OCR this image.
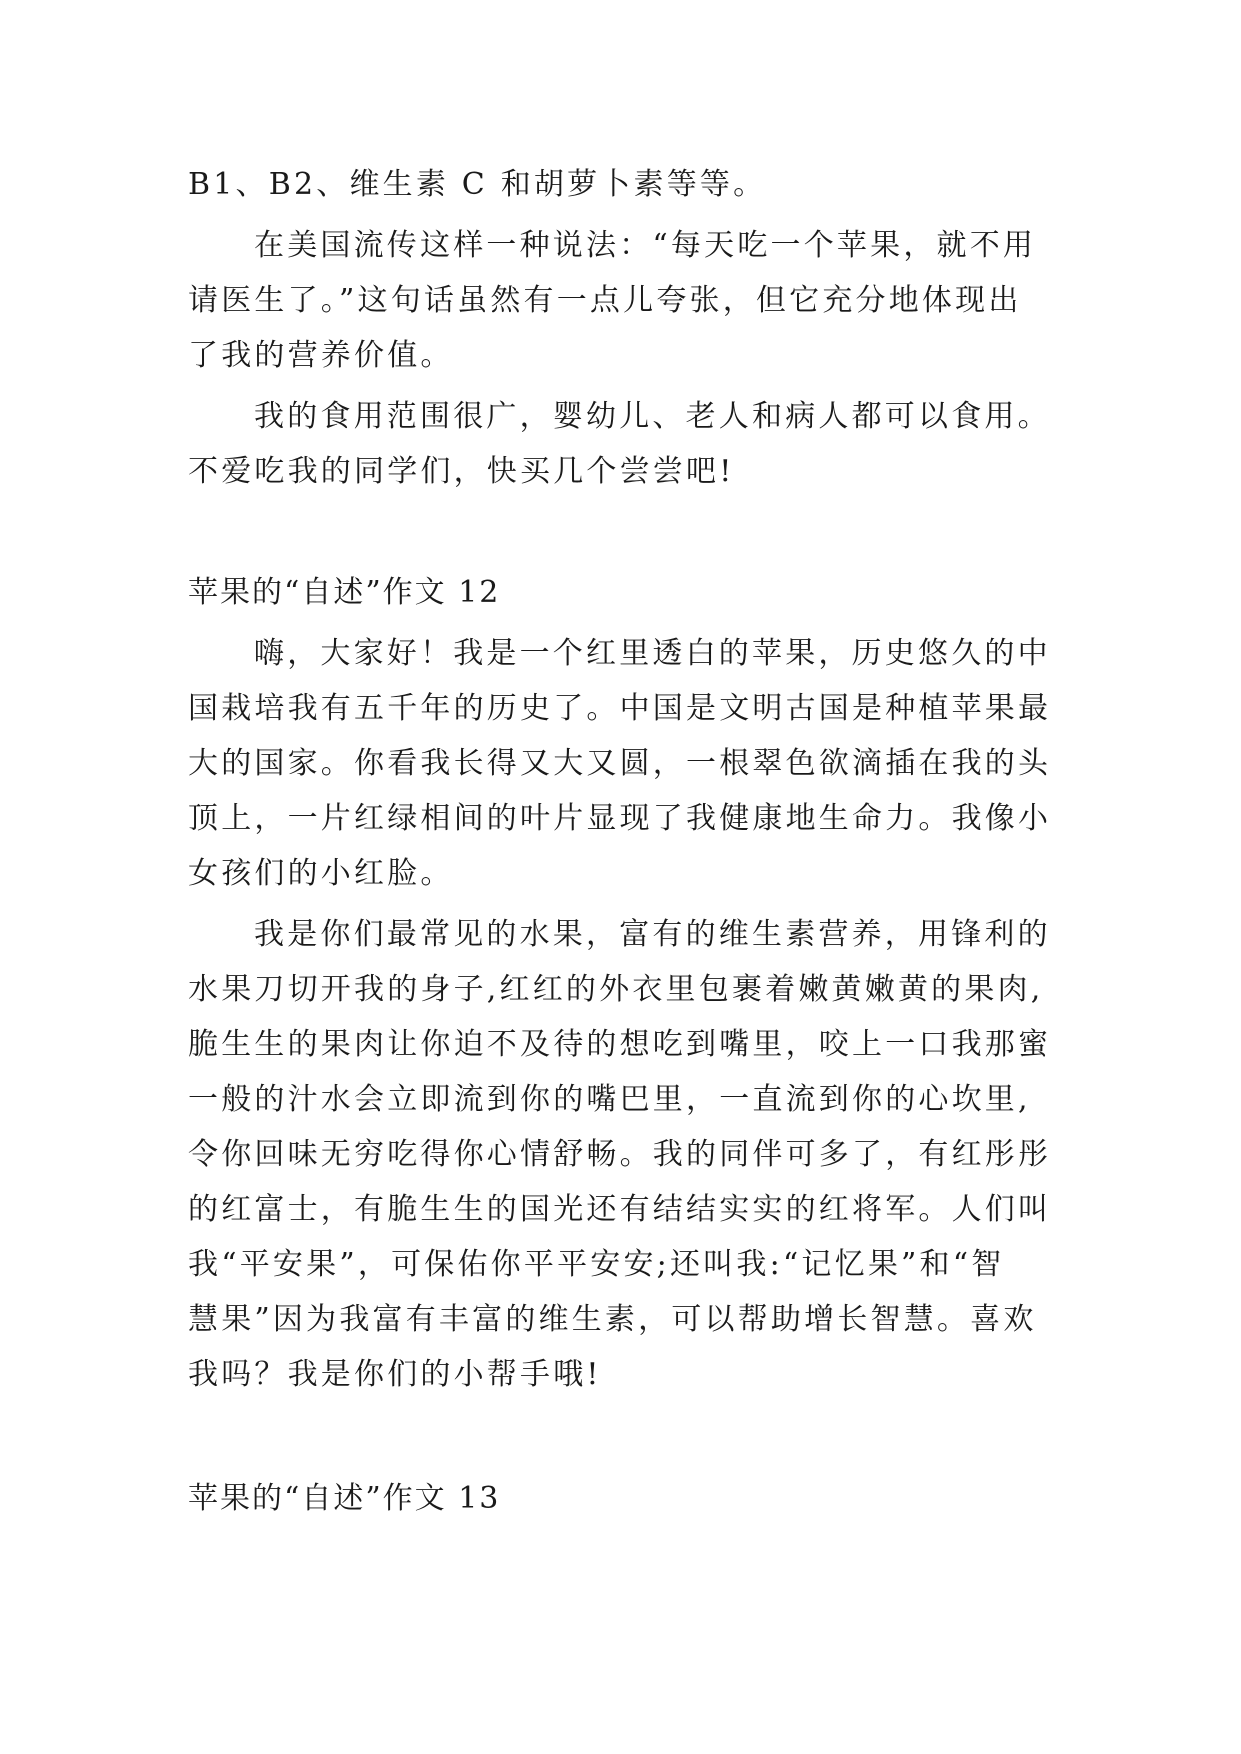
B1、B2、维生素 C 和胡萝卜素等等。
在美国流传这样一种说法：“每天吃一个苹果，就不用
请医生了。”这句话虽然有一点儿夸张，但它充分地体现出
了我的营养价值。
我的食用范围很广，婴幼儿、老人和病人都可以食用。
不爱吃我的同学们，快买几个尝尝吧!
苹果的“自述”作文 12
嗨，大家好！我是一个红里透白的苹果，历史悠久的中
国栽培我有五千年的历史了。中国是文明古国是种植苹果最
大的国家。你看我长得又大又圆，一根翠色欲滴插在我的头
顶上，一片红绿相间的叶片显现了我健康地生命力。我像小
女孩们的小红脸。
我是你们最常见的水果，富有的维生素营养，用锋利的
水果刀切开我的身子,红红的外衣里包裹着嫩黄嫩黄的果肉,
脆生生的果肉让你迫不及待的想吃到嘴里，咬上一口我那蜜
一般的汁水会立即流到你的嘴巴里，一直流到你的心坎里,
令你回味无穷吃得你心情舒畅。我的同伴可多了，有红彤彤
的红富士，有脆生生的国光还有结结实实的红将军。人们叫
我“平安果”，可保佑你平平安安;还叫我:“记忆果”和“智
慧果”因为我富有丰富的维生素，可以帮助增长智慧。喜欢
我吗？我是你们的小帮手哦!
苹果的“自述”作文 13
